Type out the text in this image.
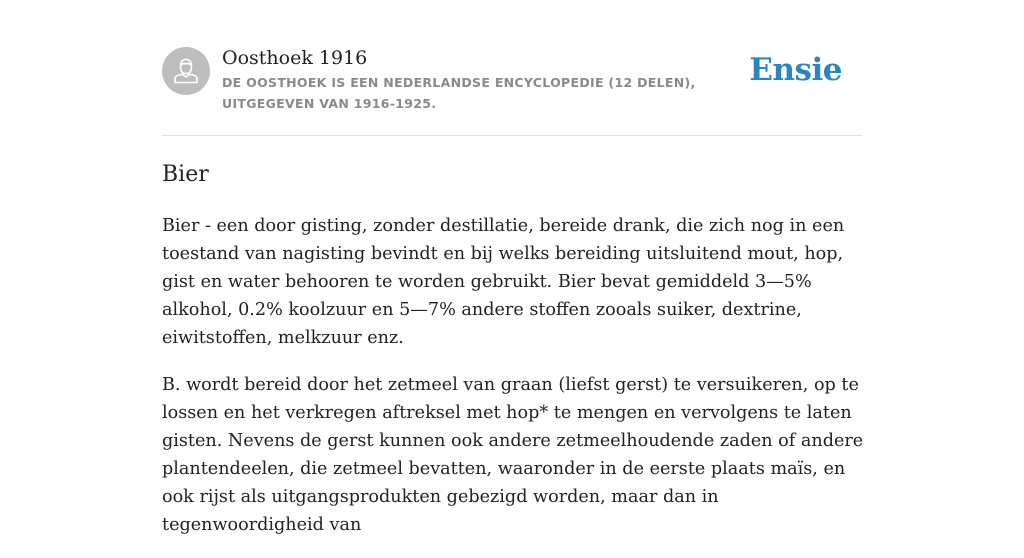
Oosthoek 1916
DE OOSTHOEK IS EEN NEDERLANDSE ENCYCLOPEDIE (12 DELEN), UITGEGEVEN VAN 1916-1925.
Ensie
Bier

Bier - een door gisting, zonder destillatie, bereide drank, die zich nog in een toestand van nagisting bevindt en bij welks bereiding uitsluitend mout, hop, gist en water behooren te worden gebruikt. Bier bevat gemiddeld 3—5% alkohol, 0.2% koolzuur en 5—7% andere stoffen zooals suiker, dextrine, eiwitstoffen, melkzuur enz.

B. wordt bereid door het zetmeel van graan (liefst gerst) te versuikeren, op te lossen en het verkregen aftreksel met hop* te mengen en vervolgens te laten gisten. Nevens de gerst kunnen ook andere zetmeelhoudende zaden of andere plantendeelen, die zetmeel bevatten, waaronder in de eerste plaats maïs, en ook rijst als uitgangsprodukten gebezigd worden, maar dan in tegenwoordigheid van
